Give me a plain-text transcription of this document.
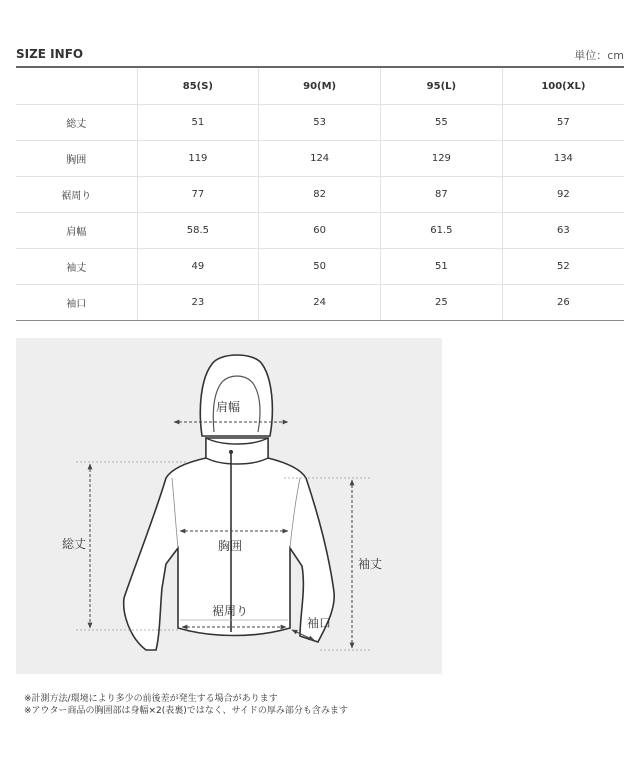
SIZE INFO	単位：cm
	85(S)	90(M)	95(L)	100(XL)
総丈	51	53	55	57
胸囲	119	124	129	134
裾周り	77	82	87	92
肩幅	58.5	60	61.5	63
袖丈	49	50	51	52
袖口	23	24	25	26
肩幅
総丈	胸囲
裾周り
袖丈
袖口
※計測方法/環境により多少の前後差が発生する場合があります
※アウター商品の胸囲部は身幅×2(表裏)ではなく、サイドの厚み部分も含みます
